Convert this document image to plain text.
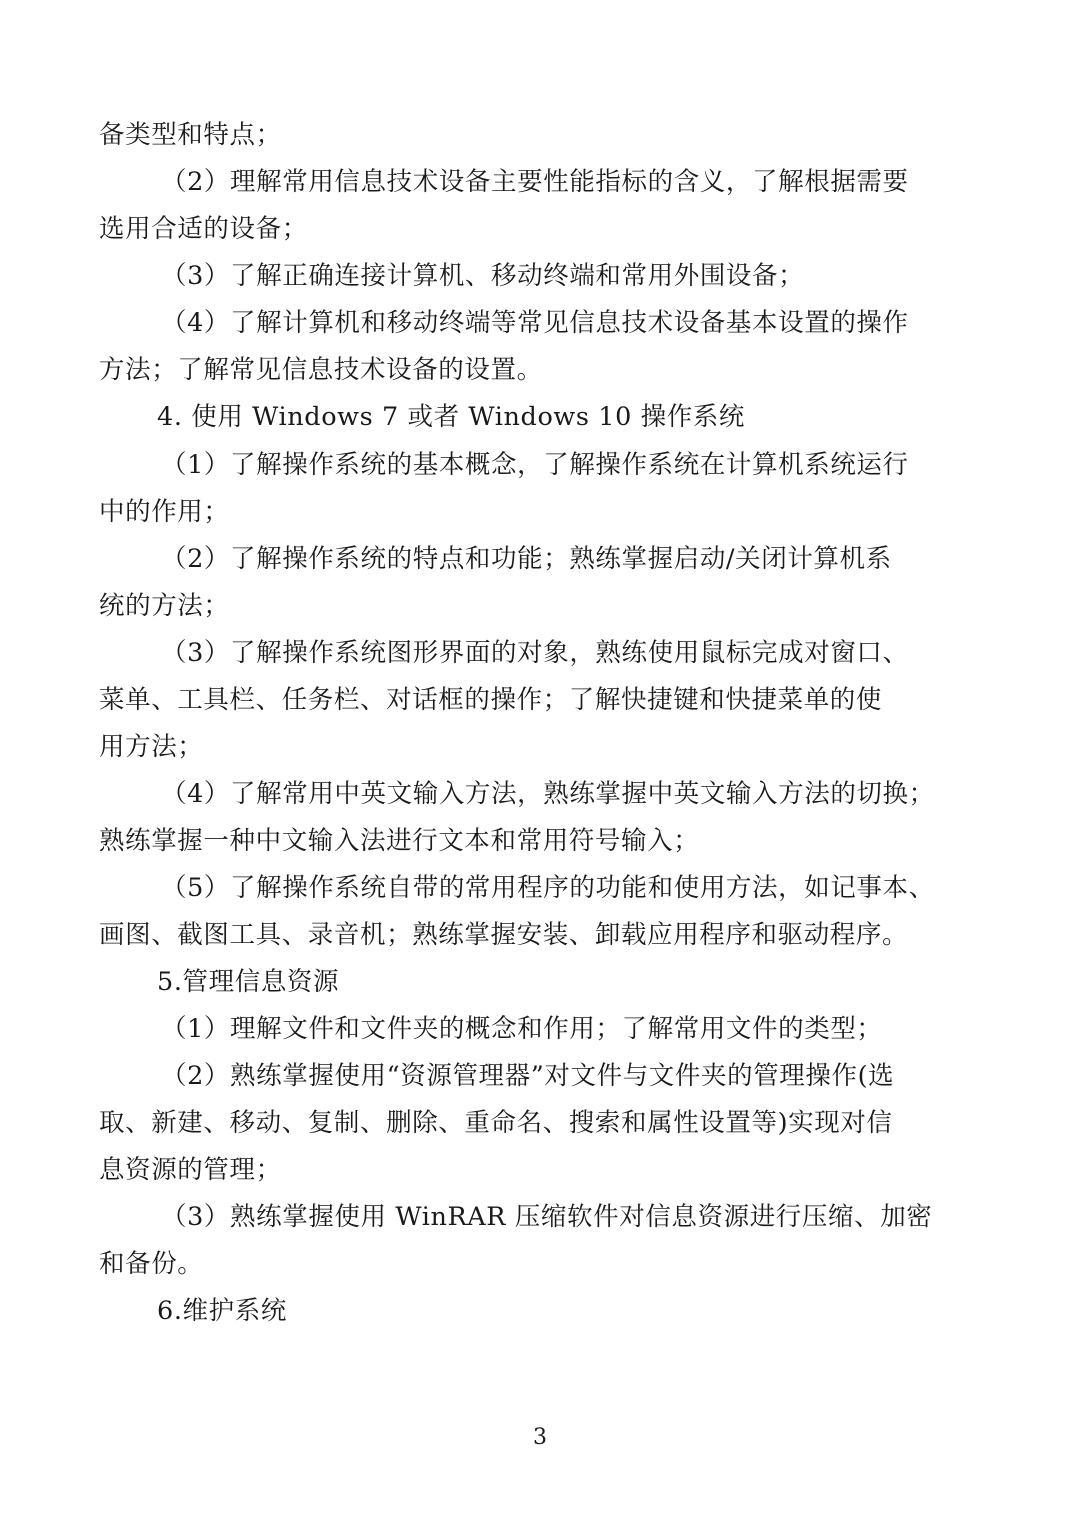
备类型和特点；
（2）理解常用信息技术设备主要性能指标的含义，了解根据需要
选用合适的设备；
（3）了解正确连接计算机、移动终端和常用外围设备；
（4）了解计算机和移动终端等常见信息技术设备基本设置的操作
方法；了解常见信息技术设备的设置。
4. 使用 Windows 7 或者 Windows 10 操作系统
（1）了解操作系统的基本概念，了解操作系统在计算机系统运行
中的作用；
（2）了解操作系统的特点和功能；熟练掌握启动/关闭计算机系
统的方法；
（3）了解操作系统图形界面的对象，熟练使用鼠标完成对窗口、
菜单、工具栏、任务栏、对话框的操作；了解快捷键和快捷菜单的使
用方法；
（4）了解常用中英文输入方法，熟练掌握中英文输入方法的切换；
熟练掌握一种中文输入法进行文本和常用符号输入；
（5）了解操作系统自带的常用程序的功能和使用方法，如记事本、
画图、截图工具、录音机；熟练掌握安装、卸载应用程序和驱动程序。
5.管理信息资源
（1）理解文件和文件夹的概念和作用；了解常用文件的类型；
（2）熟练掌握使用“资源管理器”对文件与文件夹的管理操作(选
取、新建、移动、复制、删除、重命名、搜索和属性设置等)实现对信
息资源的管理；
（3）熟练掌握使用 WinRAR 压缩软件对信息资源进行压缩、加密
和备份。
6.维护系统
3
